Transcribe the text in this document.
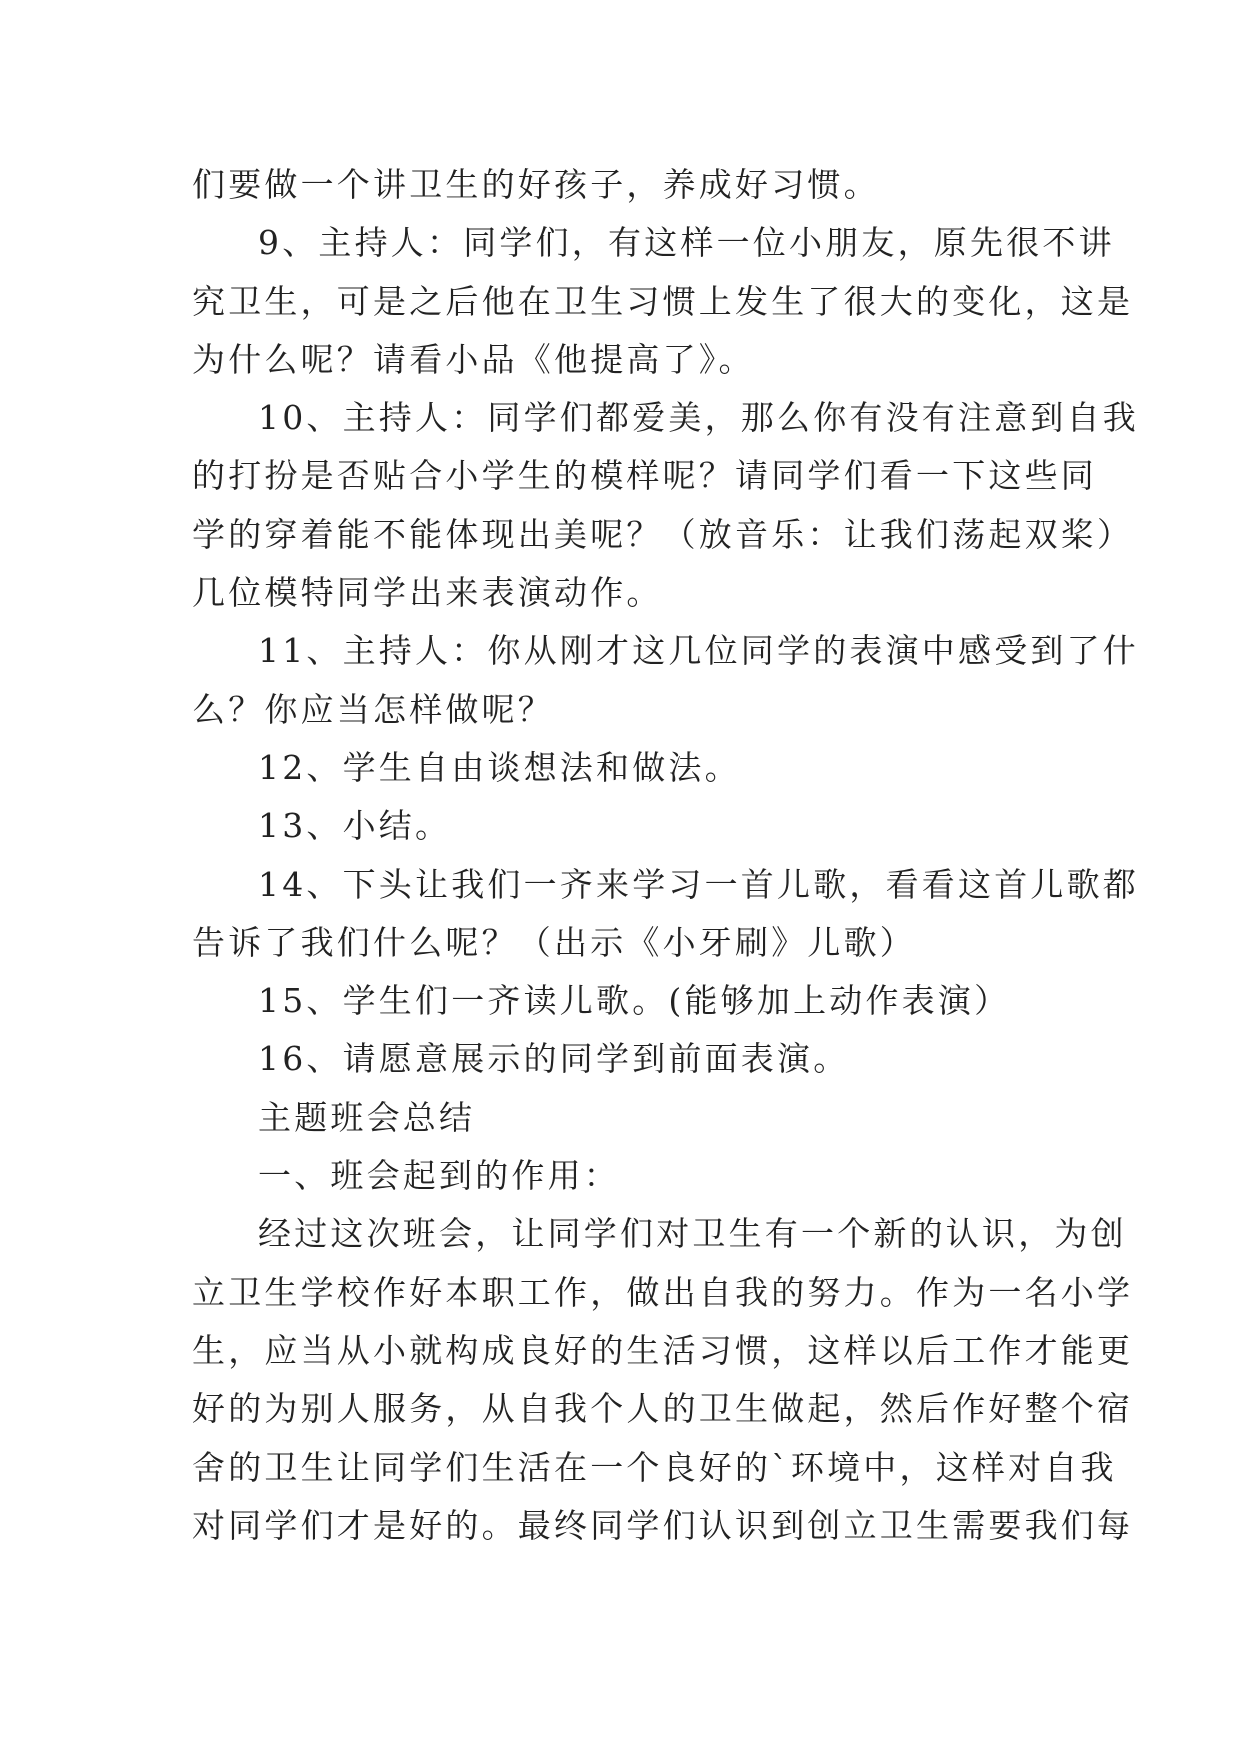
们要做一个讲卫生的好孩子，养成好习惯。
9、主持人：同学们，有这样一位小朋友，原先很不讲
究卫生，可是之后他在卫生习惯上发生了很大的变化，这是
为什么呢？请看小品《他提高了》。
10、主持人：同学们都爱美，那么你有没有注意到自我
的打扮是否贴合小学生的模样呢？请同学们看一下这些同
学的穿着能不能体现出美呢？（放音乐：让我们荡起双桨）
几位模特同学出来表演动作。
11、主持人：你从刚才这几位同学的表演中感受到了什
么？你应当怎样做呢？
12、学生自由谈想法和做法。
13、小结。
14、下头让我们一齐来学习一首儿歌，看看这首儿歌都
告诉了我们什么呢？（出示《小牙刷》儿歌）
15、学生们一齐读儿歌。(能够加上动作表演）
16、请愿意展示的同学到前面表演。
主题班会总结
一、班会起到的作用：
经过这次班会，让同学们对卫生有一个新的认识，为创
立卫生学校作好本职工作，做出自我的努力。作为一名小学
生，应当从小就构成良好的生活习惯，这样以后工作才能更
好的为别人服务，从自我个人的卫生做起，然后作好整个宿
舍的卫生让同学们生活在一个良好的`环境中，这样对自我
对同学们才是好的。最终同学们认识到创立卫生需要我们每
